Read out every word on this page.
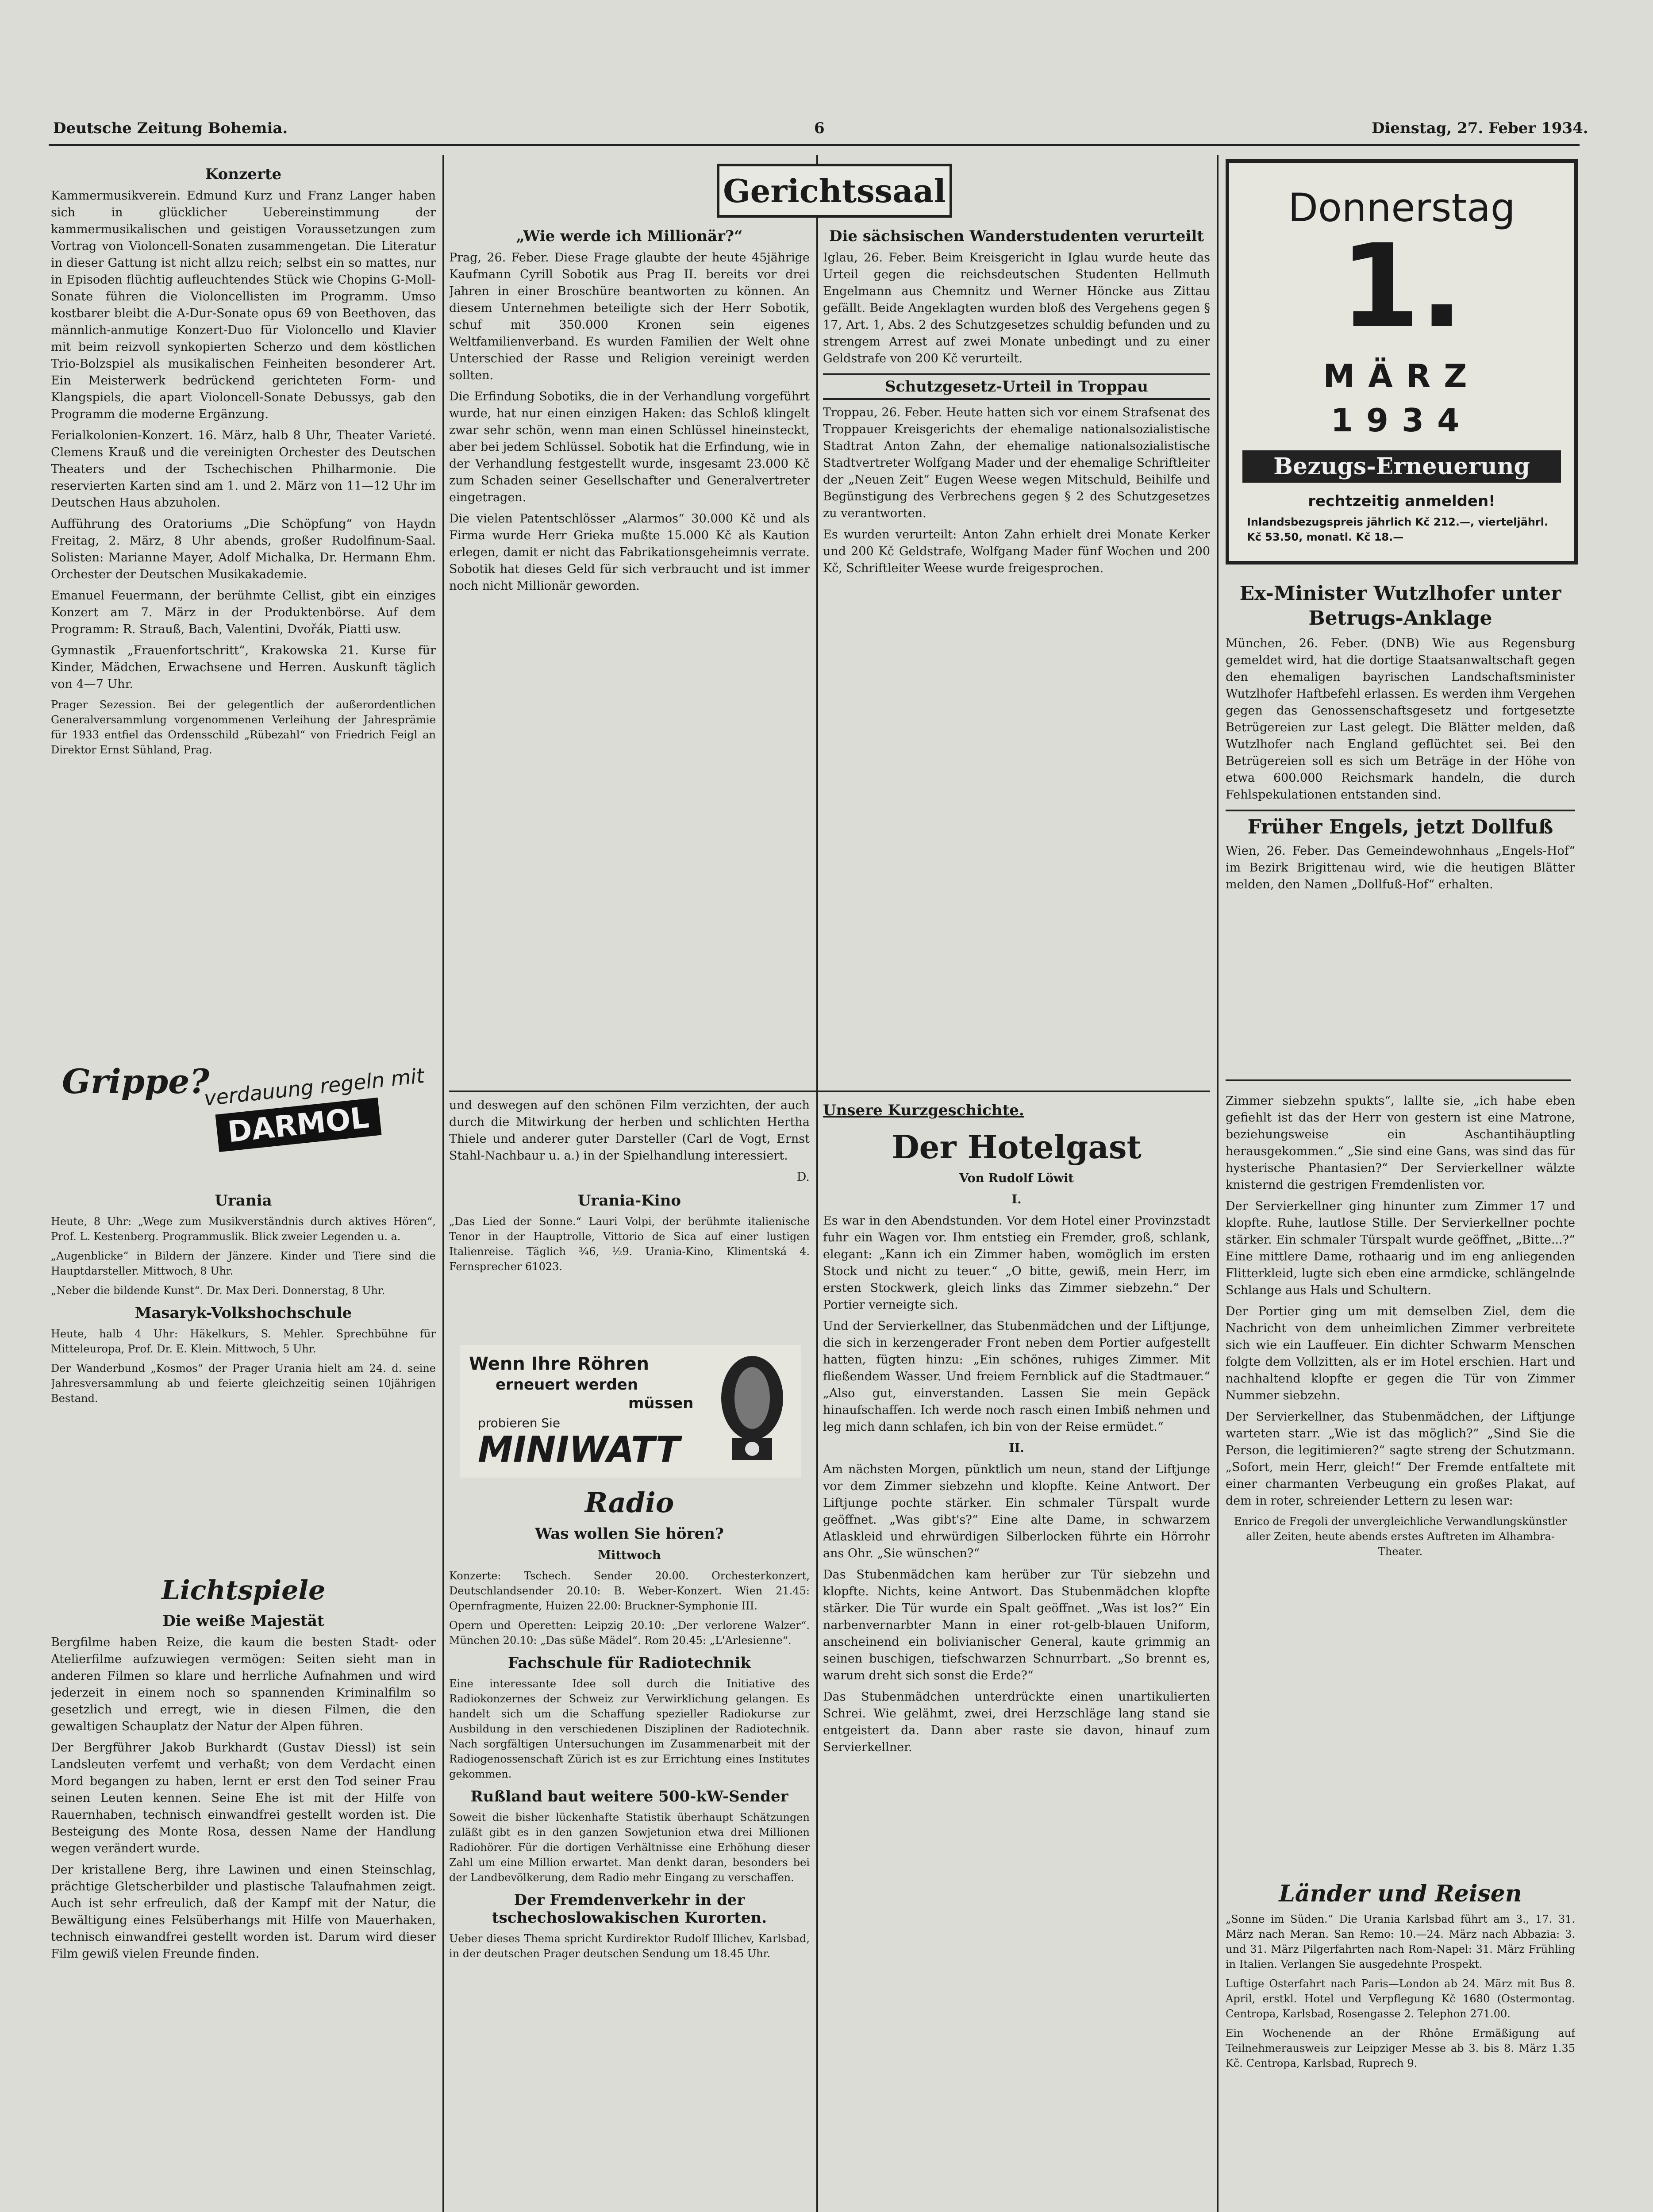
Deutsche Zeitung Bohemia.	6	Dienstag, 27. Feber 1934.
Konzerte

Kammermusikverein. Edmund Kurz und Franz Langer haben sich in glücklicher Uebereinstimmung der kammermusikalischen und geistigen Voraussetzungen zum Vortrag von Violoncell-Sonaten zusammengetan. Die Literatur in dieser Gattung ist nicht allzu reich; selbst ein so mattes, nur in Episoden flüchtig aufleuchtendes Stück wie Chopins G-Moll-Sonate führen die Violoncellisten im Programm. Umso kostbarer bleibt die A-Dur-Sonate opus 69 von Beethoven, das männlich-anmutige Konzert-Duo für Violoncello und Klavier mit beim reizvoll synkopierten Scherzo und dem köstlichen Trio-Bolzspiel als musikalischen Feinheiten besonderer Art. Ein Meisterwerk bedrückend gerichteten Form- und Klangspiels, die apart Violoncell-Sonate Debussys, gab den Programm die moderne Ergänzung.

Ferialkolonien-Konzert. 16. März, halb 8 Uhr, Theater Varieté. Clemens Krauß und die vereinigten Orchester des Deutschen Theaters und der Tschechischen Philharmonie. Die reservierten Karten sind am 1. und 2. März von 11—12 Uhr im Deutschen Haus abzuholen.

Aufführung des Oratoriums „Die Schöpfung“ von Haydn Freitag, 2. März, 8 Uhr abends, großer Rudolfinum-Saal. Solisten: Marianne Mayer, Adolf Michalka, Dr. Hermann Ehm. Orchester der Deutschen Musikakademie.

Emanuel Feuermann, der berühmte Cellist, gibt ein einziges Konzert am 7. März in der Produktenbörse. Auf dem Programm: R. Strauß, Bach, Valentini, Dvořák, Piatti usw.

Gymnastik „Frauenfortschritt“, Krakowska 21. Kurse für Kinder, Mädchen, Erwachsene und Herren. Auskunft täglich von 4—7 Uhr.

Prager Sezession. Bei der gelegentlich der außerordentlichen Generalversammlung vorgenommenen Verleihung der Jahresprämie für 1933 entfiel das Ordensschild „Rübezahl“ von Friedrich Feigl an Direktor Ernst Sühland, Prag.

Grippe?
verdauung regeln mit
DARMOL
Urania

Heute, 8 Uhr: „Wege zum Musikverständnis durch aktives Hören“, Prof. L. Kestenberg. Programmuslik. Blick zweier Legenden u. a.

„Augenblicke“ in Bildern der Jänzere. Kinder und Tiere sind die Hauptdarsteller. Mittwoch, 8 Uhr.

„Neber die bildende Kunst“. Dr. Max Deri. Donnerstag, 8 Uhr.

Masaryk-Volkshochschule

Heute, halb 4 Uhr: Häkelkurs, S. Mehler. Sprechbühne für Mitteleuropa, Prof. Dr. E. Klein. Mittwoch, 5 Uhr.

Der Wanderbund „Kosmos“ der Prager Urania hielt am 24. d. seine Jahresversammlung ab und feierte gleichzeitig seinen 10jährigen Bestand.

Lichtspiele
Die weiße Majestät

Bergfilme haben Reize, die kaum die besten Stadt- oder Atelierfilme aufzuwiegen vermögen: Seiten sieht man in anderen Filmen so klare und herrliche Aufnahmen und wird jederzeit in einem noch so spannenden Kriminalfilm so gesetzlich und erregt, wie in diesen Filmen, die den gewaltigen Schauplatz der Natur der Alpen führen.

Der Bergführer Jakob Burkhardt (Gustav Diessl) ist sein Landsleuten verfemt und verhaßt; von dem Verdacht einen Mord begangen zu haben, lernt er erst den Tod seiner Frau seinen Leuten kennen. Seine Ehe ist mit der Hilfe von Rauernhaben, technisch einwandfrei gestellt worden ist. Die Besteigung des Monte Rosa, dessen Name der Handlung wegen verändert wurde.

Der kristallene Berg, ihre Lawinen und einen Steinschlag, prächtige Gletscherbilder und plastische Talaufnahmen zeigt. Auch ist sehr erfreulich, daß der Kampf mit der Natur, die Bewältigung eines Felsüberhangs mit Hilfe von Mauerhaken, technisch einwandfrei gestellt worden ist. Darum wird dieser Film gewiß vielen Freunde finden.

Gerichtssaal
„Wie werde ich Millionär?“

Prag, 26. Feber. Diese Frage glaubte der heute 45jährige Kaufmann Cyrill Sobotik aus Prag II. bereits vor drei Jahren in einer Broschüre beantworten zu können. An diesem Unternehmen beteiligte sich der Herr Sobotik, schuf mit 350.000 Kronen sein eigenes Weltfamilienverband. Es wurden Familien der Welt ohne Unterschied der Rasse und Religion vereinigt werden sollten.

Die Erfindung Sobotiks, die in der Verhandlung vorgeführt wurde, hat nur einen einzigen Haken: das Schloß klingelt zwar sehr schön, wenn man einen Schlüssel hineinsteckt, aber bei jedem Schlüssel. Sobotik hat die Erfindung, wie in der Verhandlung festgestellt wurde, insgesamt 23.000 Kč zum Schaden seiner Gesellschafter und Generalvertreter eingetragen.

Die vielen Patentschlösser „Alarmos“ 30.000 Kč und als Firma wurde Herr Grieka mußte 15.000 Kč als Kaution erlegen, damit er nicht das Fabrikationsgeheimnis verrate. Sobotik hat dieses Geld für sich verbraucht und ist immer noch nicht Millionär geworden.

Die sächsischen Wanderstudenten verurteilt

Iglau, 26. Feber. Beim Kreisgericht in Iglau wurde heute das Urteil gegen die reichsdeutschen Studenten Hellmuth Engelmann aus Chemnitz und Werner Höncke aus Zittau gefällt. Beide Angeklagten wurden bloß des Vergehens gegen § 17, Art. 1, Abs. 2 des Schutzgesetzes schuldig befunden und zu strengem Arrest auf zwei Monate unbedingt und zu einer Geldstrafe von 200 Kč verurteilt.

Schutzgesetz-Urteil in Troppau

Troppau, 26. Feber. Heute hatten sich vor einem Strafsenat des Troppauer Kreisgerichts der ehemalige nationalsozialistische Stadtrat Anton Zahn, der ehemalige nationalsozialistische Stadtvertreter Wolfgang Mader und der ehemalige Schriftleiter der „Neuen Zeit“ Eugen Weese wegen Mitschuld, Beihilfe und Begünstigung des Verbrechens gegen § 2 des Schutzgesetzes zu verantworten.

Es wurden verurteilt: Anton Zahn erhielt drei Monate Kerker und 200 Kč Geldstrafe, Wolfgang Mader fünf Wochen und 200 Kč, Schriftleiter Weese wurde freigesprochen.

und deswegen auf den schönen Film verzichten, der auch durch die Mitwirkung der herben und schlichten Hertha Thiele und anderer guter Darsteller (Carl de Vogt, Ernst Stahl-Nachbaur u. a.) in der Spielhandlung interessiert.

D.

Urania-Kino

„Das Lied der Sonne.“ Lauri Volpi, der berühmte italienische Tenor in der Hauptrolle, Vittorio de Sica auf einer lustigen Italienreise. Täglich ¾6, ½9. Urania-Kino, Klimentská 4. Fernsprecher 61023.

Wenn Ihre Röhren
erneuert werden
müssen
probieren Sie
MINIWATT
Radio
Was wollen Sie hören?

Mittwoch

Konzerte: Tschech. Sender 20.00. Orchesterkonzert, Deutschlandsender 20.10: B. Weber-Konzert. Wien 21.45: Opernfragmente, Huizen 22.00: Bruckner-Symphonie III.

Opern und Operetten: Leipzig 20.10: „Der verlorene Walzer“. München 20.10: „Das süße Mädel“. Rom 20.45: „L'Arlesienne“.

Fachschule für Radiotechnik

Eine interessante Idee soll durch die Initiative des Radiokonzernes der Schweiz zur Verwirklichung gelangen. Es handelt sich um die Schaffung spezieller Radiokurse zur Ausbildung in den verschiedenen Disziplinen der Radiotechnik. Nach sorgfältigen Untersuchungen im Zusammenarbeit mit der Radiogenossenschaft Zürich ist es zur Errichtung eines Institutes gekommen.

Rußland baut weitere 500-kW-Sender

Soweit die bisher lückenhafte Statistik überhaupt Schätzungen zuläßt gibt es in den ganzen Sowjetunion etwa drei Millionen Radiohörer. Für die dortigen Verhältnisse eine Erhöhung dieser Zahl um eine Million erwartet. Man denkt daran, besonders bei der Landbevölkerung, dem Radio mehr Eingang zu verschaffen.

Der Fremdenverkehr in der tschechoslowakischen Kurorten.

Ueber dieses Thema spricht Kurdirektor Rudolf Illichev, Karlsbad, in der deutschen Prager deutschen Sendung um 18.45 Uhr.

Unsere Kurzgeschichte.
Der Hotelgast

Von Rudolf Löwit

I.

Es war in den Abendstunden. Vor dem Hotel einer Provinzstadt fuhr ein Wagen vor. Ihm entstieg ein Fremder, groß, schlank, elegant: „Kann ich ein Zimmer haben, womöglich im ersten Stock und nicht zu teuer.“ „O bitte, gewiß, mein Herr, im ersten Stockwerk, gleich links das Zimmer siebzehn.“ Der Portier verneigte sich.

Und der Servierkellner, das Stubenmädchen und der Liftjunge, die sich in kerzengerader Front neben dem Portier aufgestellt hatten, fügten hinzu: „Ein schönes, ruhiges Zimmer. Mit fließendem Wasser. Und freiem Fernblick auf die Stadtmauer.“ „Also gut, einverstanden. Lassen Sie mein Gepäck hinaufschaffen. Ich werde noch rasch einen Imbiß nehmen und leg mich dann schlafen, ich bin von der Reise ermüdet.“

II.

Am nächsten Morgen, pünktlich um neun, stand der Liftjunge vor dem Zimmer siebzehn und klopfte. Keine Antwort. Der Liftjunge pochte stärker. Ein schmaler Türspalt wurde geöffnet. „Was gibt's?“ Eine alte Dame, in schwarzem Atlaskleid und ehrwürdigen Silberlocken führte ein Hörrohr ans Ohr. „Sie wünschen?“

Das Stubenmädchen kam herüber zur Tür siebzehn und klopfte. Nichts, keine Antwort. Das Stubenmädchen klopfte stärker. Die Tür wurde ein Spalt geöffnet. „Was ist los?“ Ein narbenvernarbter Mann in einer rot-gelb-blauen Uniform, anscheinend ein bolivianischer General, kaute grimmig an seinen buschigen, tiefschwarzen Schnurrbart. „So brennt es, warum dreht sich sonst die Erde?“

Das Stubenmädchen unterdrückte einen unartikulierten Schrei. Wie gelähmt, zwei, drei Herzschläge lang stand sie entgeistert da. Dann aber raste sie davon, hinauf zum Servierkellner.

Donnerstag
1.
MÄRZ
1934
Bezugs-Erneuerung
rechtzeitig anmelden!
Inlandsbezugspreis jährlich Kč 212.—, vierteljährl. Kč 53.50, monatl. Kč 18.—
Ex-Minister Wutzlhofer unter Betrugs-Anklage

München, 26. Feber. (DNB) Wie aus Regensburg gemeldet wird, hat die dortige Staatsanwaltschaft gegen den ehemaligen bayrischen Landschaftsminister Wutzlhofer Haftbefehl erlassen. Es werden ihm Vergehen gegen das Genossenschaftsgesetz und fortgesetzte Betrügereien zur Last gelegt. Die Blätter melden, daß Wutzlhofer nach England geflüchtet sei. Bei den Betrügereien soll es sich um Beträge in der Höhe von etwa 600.000 Reichsmark handeln, die durch Fehlspekulationen entstanden sind.

Früher Engels, jetzt Dollfuß

Wien, 26. Feber. Das Gemeindewohnhaus „Engels-Hof“ im Bezirk Brigittenau wird, wie die heutigen Blätter melden, den Namen „Dollfuß-Hof“ erhalten.

Zimmer siebzehn spukts“, lallte sie, „ich habe eben gefiehlt ist das der Herr von gestern ist eine Matrone, beziehungsweise ein Aschantihäuptling herausgekommen.“ „Sie sind eine Gans, was sind das für hysterische Phantasien?“ Der Servierkellner wälzte knisternd die gestrigen Fremdenlisten vor.

Der Servierkellner ging hinunter zum Zimmer 17 und klopfte. Ruhe, lautlose Stille. Der Servierkellner pochte stärker. Ein schmaler Türspalt wurde geöffnet, „Bitte...?“ Eine mittlere Dame, rothaarig und im eng anliegenden Flitterkleid, lugte sich eben eine armdicke, schlängelnde Schlange aus Hals und Schultern.

Der Portier ging um mit demselben Ziel, dem die Nachricht von dem unheimlichen Zimmer verbreitete sich wie ein Lauffeuer. Ein dichter Schwarm Menschen folgte dem Vollzitten, als er im Hotel erschien. Hart und nachhaltend klopfte er gegen die Tür von Zimmer Nummer siebzehn.

Der Servierkellner, das Stubenmädchen, der Liftjunge warteten starr. „Wie ist das möglich?“ „Sind Sie die Person, die legitimieren?“ sagte streng der Schutzmann. „Sofort, mein Herr, gleich!“ Der Fremde entfaltete mit einer charmanten Verbeugung ein großes Plakat, auf dem in roter, schreiender Lettern zu lesen war:

Enrico de Fregoli der unvergleichliche Verwandlungskünstler aller Zeiten, heute abends erstes Auftreten im Alhambra-Theater.

Länder und Reisen

„Sonne im Süden.“ Die Urania Karlsbad führt am 3., 17. 31. März nach Meran. San Remo: 10.—24. März nach Abbazia: 3. und 31. März Pilgerfahrten nach Rom-Napel: 31. März Frühling in Italien. Verlangen Sie ausgedehnte Prospekt.

Luftige Osterfahrt nach Paris—London ab 24. März mit Bus 8. April, erstkl. Hotel und Verpflegung Kč 1680 (Ostermontag. Centropa, Karlsbad, Rosengasse 2. Telephon 271.00.

Ein Wochenende an der Rhône Ermäßigung auf Teilnehmerausweis zur Leipziger Messe ab 3. bis 8. März 1.35 Kč. Centropa, Karlsbad, Ruprech 9.
